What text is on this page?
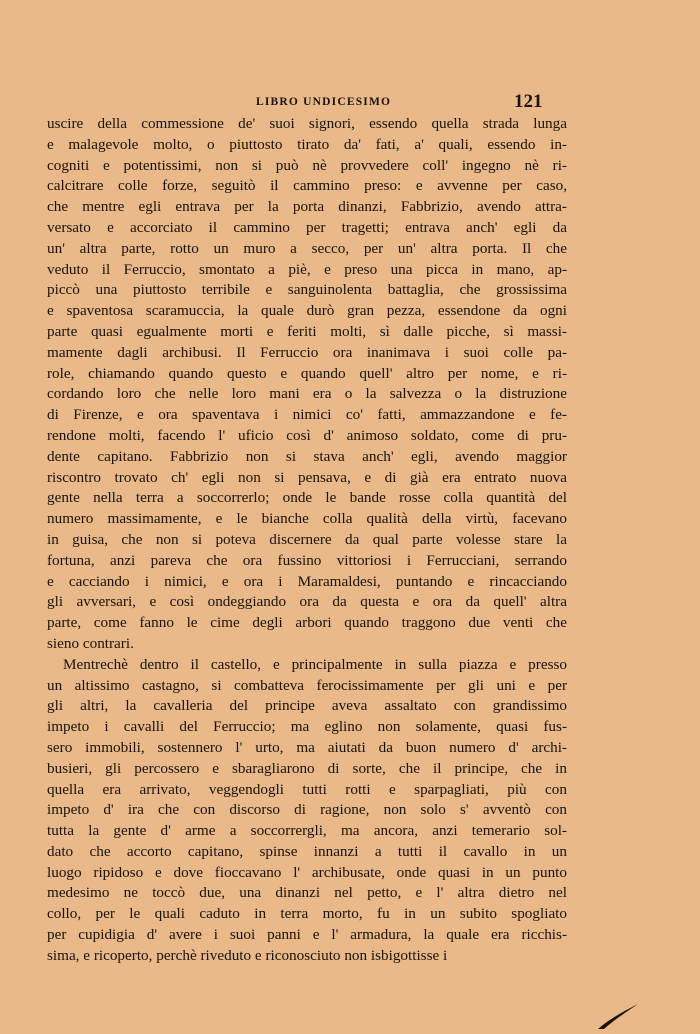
LIBRO UNDICESIMO	121
uscire della commessione de' suoi signori, essendo quella strada lunga
e malagevole molto, o piuttosto tirato da' fati, a' quali, essendo in-
cogniti e potentissimi, non si può nè provvedere coll' ingegno nè ri-
calcitrare colle forze, seguitò il cammino preso: e avvenne per caso,
che mentre egli entrava per la porta dinanzi, Fabbrizio, avendo attra-
versato e accorciato il cammino per tragetti; entrava anch' egli da
un' altra parte, rotto un muro a secco, per un' altra porta. Il che
veduto il Ferruccio, smontato a piè, e preso una picca in mano, ap-
piccò una piuttosto terribile e sanguinolenta battaglia, che grossissima
e spaventosa scaramuccia, la quale durò gran pezza, essendone da ogni
parte quasi egualmente morti e feriti molti, sì dalle picche, sì massi-
mamente dagli archibusi. Il Ferruccio ora inanimava i suoi colle pa-
role, chiamando quando questo e quando quell' altro per nome, e ri-
cordando loro che nelle loro mani era o la salvezza o la distruzione
di Firenze, e ora spaventava i nimici co' fatti, ammazzandone e fe-
rendone molti, facendo l' uficio così d' animoso soldato, come di pru-
dente capitano. Fabbrizio non si stava anch' egli, avendo maggior
riscontro trovato ch' egli non si pensava, e di già era entrato nuova
gente nella terra a soccorrerlo; onde le bande rosse colla quantità del
numero massimamente, e le bianche colla qualità della virtù, facevano
in guisa, che non si poteva discernere da qual parte volesse stare la
fortuna, anzi pareva che ora fussino vittoriosi i Ferrucciani, serrando
e cacciando i nimici, e ora i Maramaldesi, puntando e rincacciando
gli avversari, e così ondeggiando ora da questa e ora da quell' altra
parte, come fanno le cime degli arbori quando traggono due venti che
sieno contrari.
Mentrechè dentro il castello, e principalmente in sulla piazza e presso
un altissimo castagno, si combatteva ferocissimamente per gli uni e per
gli altri, la cavalleria del principe aveva assaltato con grandissimo
impeto i cavalli del Ferruccio; ma eglino non solamente, quasi fus-
sero immobili, sostennero l' urto, ma aiutati da buon numero d' archi-
busieri, gli percossero e sbaragliarono di sorte, che il principe, che in
quella era arrivato, veggendogli tutti rotti e sparpagliati, più con
impeto d' ira che con discorso di ragione, non solo s' avventò con
tutta la gente d' arme a soccorrergli, ma ancora, anzi temerario sol-
dato che accorto capitano, spinse innanzi a tutti il cavallo in un
luogo ripidoso e dove fioccavano l' archibusate, onde quasi in un punto
medesimo ne toccò due, una dinanzi nel petto, e l' altra dietro nel
collo, per le quali caduto in terra morto, fu in un subito spogliato
per cupidigia d' avere i suoi panni e l' armadura, la quale era ricchis-
sima, e ricoperto, perchè riveduto e riconosciuto non isbigottisse i
